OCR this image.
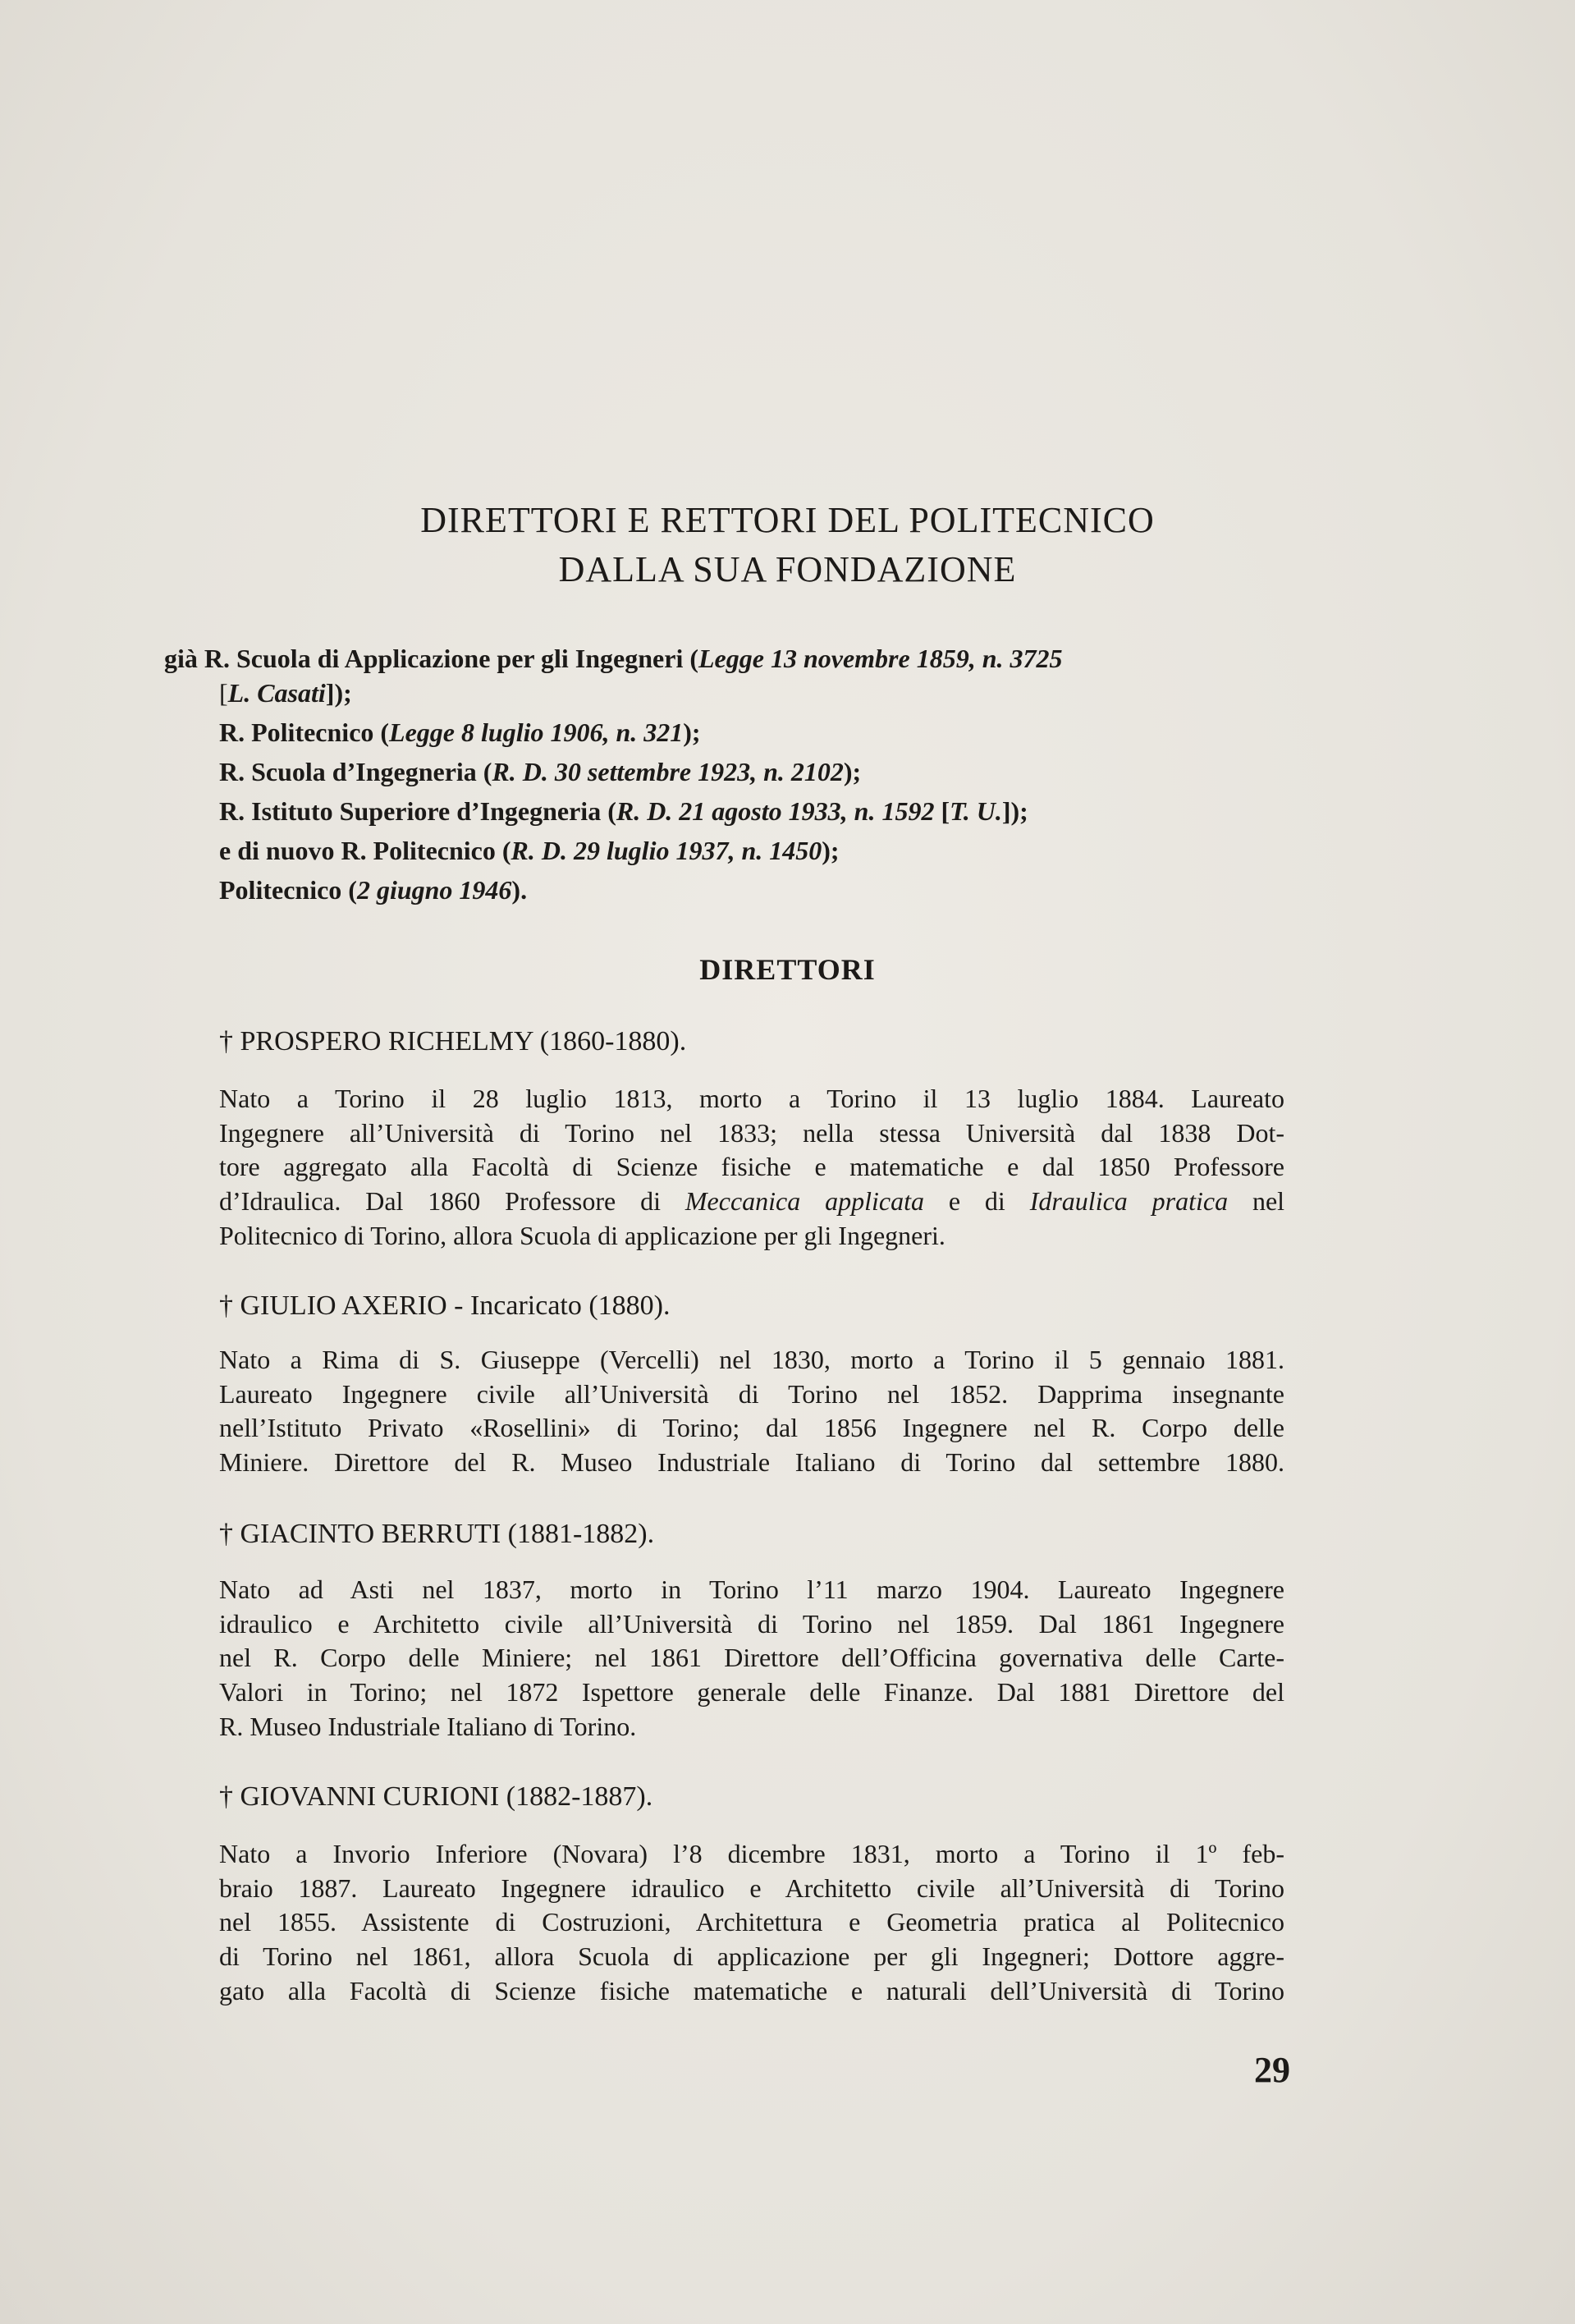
DIRETTORI E RETTORI DEL POLITECNICO
DALLA SUA FONDAZIONE
già R. Scuola di Applicazione per gli Ingegneri (Legge 13 novembre 1859, n. 3725
[L. Casati]);
R. Politecnico (Legge 8 luglio 1906, n. 321);
R. Scuola d’Ingegneria (R. D. 30 settembre 1923, n. 2102);
R. Istituto Superiore d’Ingegneria (R. D. 21 agosto 1933, n. 1592 [T. U.]);
e di nuovo R. Politecnico (R. D. 29 luglio 1937, n. 1450);
Politecnico (2 giugno 1946).
DIRETTORI
† PROSPERO RICHELMY (1860-1880).
Nato a Torino il 28 luglio 1813, morto a Torino il 13 luglio 1884. Laureato
Ingegnere all’Università di Torino nel 1833; nella stessa Università dal 1838 Dot-
tore aggregato alla Facoltà di Scienze fisiche e matematiche e dal 1850 Professore
d’Idraulica. Dal 1860 Professore di Meccanica applicata e di Idraulica pratica nel
Politecnico di Torino, allora Scuola di applicazione per gli Ingegneri.
† GIULIO AXERIO - Incaricato (1880).
Nato a Rima di S. Giuseppe (Vercelli) nel 1830, morto a Torino il 5 gennaio 1881.
Laureato Ingegnere civile all’Università di Torino nel 1852. Dapprima insegnante
nell’Istituto Privato «Rosellini» di Torino; dal 1856 Ingegnere nel R. Corpo delle
Miniere. Direttore del R. Museo Industriale Italiano di Torino dal settembre 1880.
† GIACINTO BERRUTI (1881-1882).
Nato ad Asti nel 1837, morto in Torino l’11 marzo 1904. Laureato Ingegnere
idraulico e Architetto civile all’Università di Torino nel 1859. Dal 1861 Ingegnere
nel R. Corpo delle Miniere; nel 1861 Direttore dell’Officina governativa delle Carte-
Valori in Torino; nel 1872 Ispettore generale delle Finanze. Dal 1881 Direttore del
R. Museo Industriale Italiano di Torino.
† GIOVANNI CURIONI (1882-1887).
Nato a Invorio Inferiore (Novara) l’8 dicembre 1831, morto a Torino il 1º feb-
braio 1887. Laureato Ingegnere idraulico e Architetto civile all’Università di Torino
nel 1855. Assistente di Costruzioni, Architettura e Geometria pratica al Politecnico
di Torino nel 1861, allora Scuola di applicazione per gli Ingegneri; Dottore aggre-
gato alla Facoltà di Scienze fisiche matematiche e naturali dell’Università di Torino
29
